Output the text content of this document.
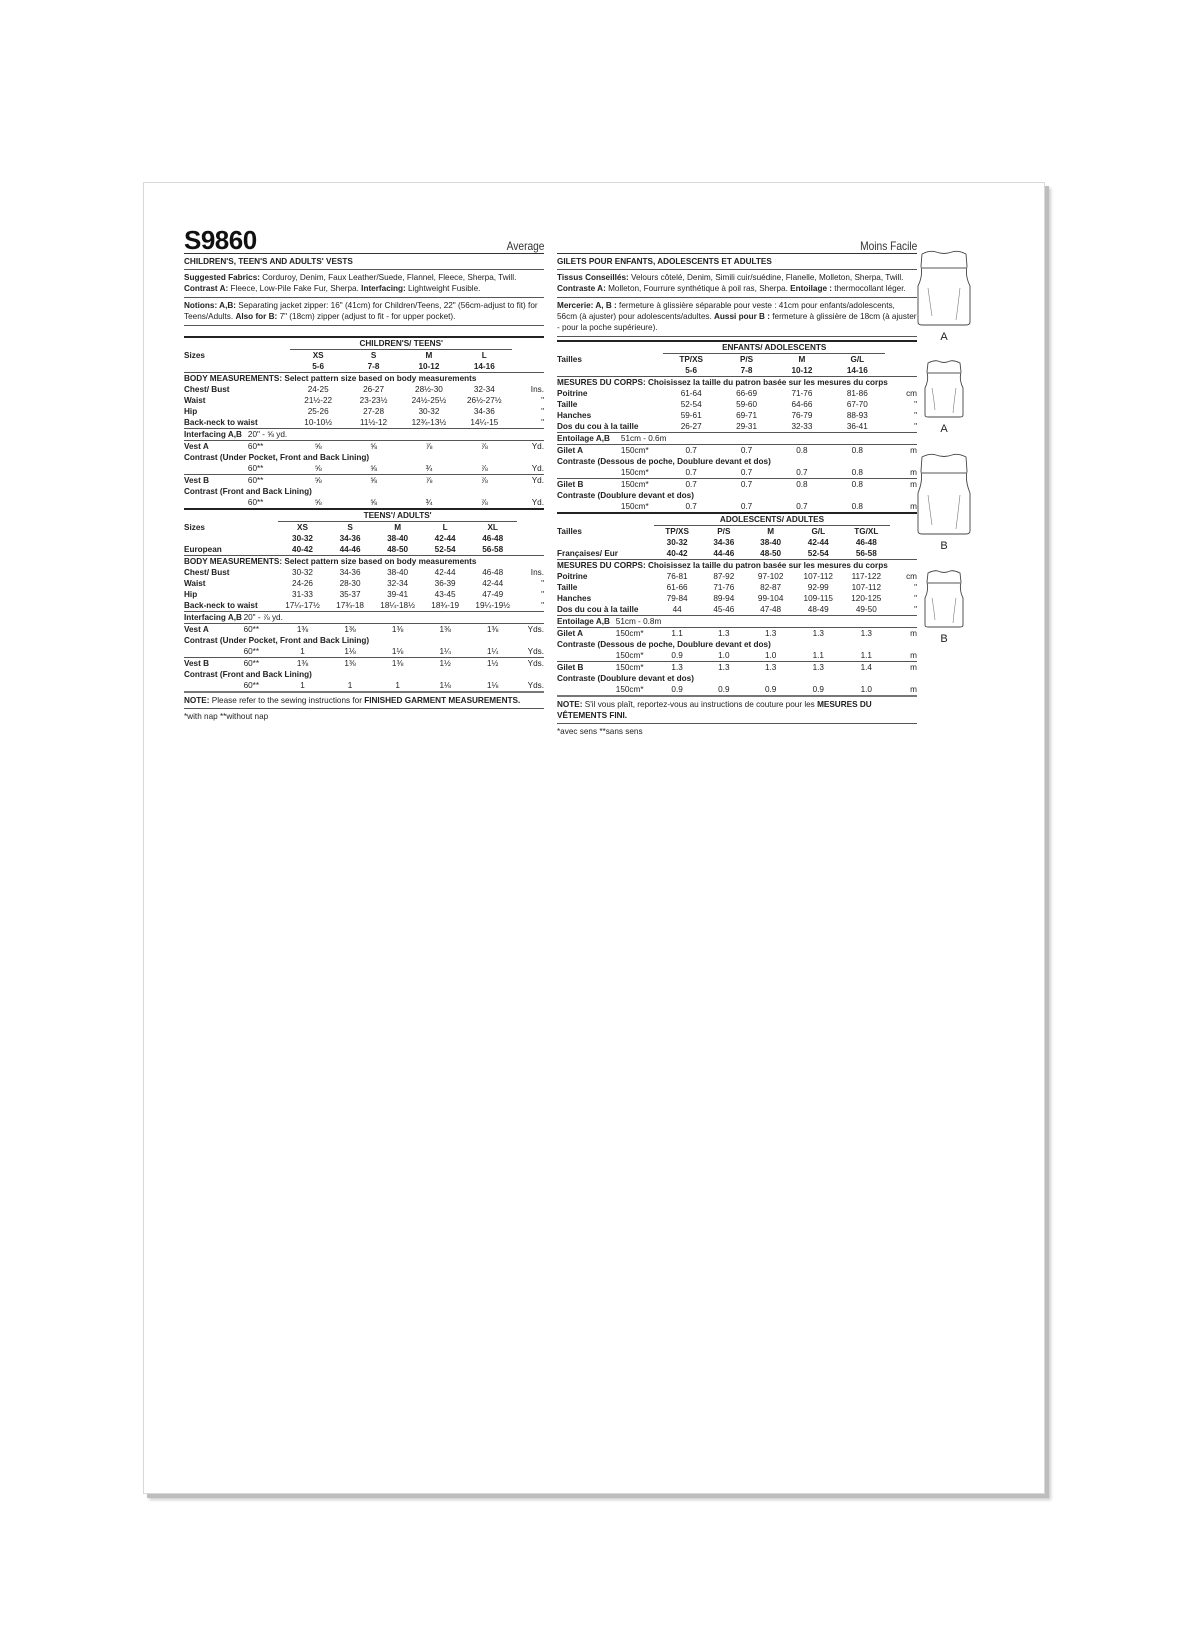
S9860	Average
CHILDREN'S, TEEN'S AND ADULTS' VESTS
Suggested Fabrics: Corduroy, Denim, Faux Leather/Suede, Flannel, Fleece, Sherpa, Twill. Contrast A: Fleece, Low-Pile Fake Fur, Sherpa. Interfacing: Lightweight Fusible.
Notions: A,B: Separating jacket zipper: 16" (41cm) for Children/Teens, 22" (56cm-adjust to fit) for Teens/Adults. Also for B: 7" (18cm) zipper (adjust to fit - for upper pocket).
		CHILDREN'S/ TEENS'				
Sizes		XS	S	M	L	
		5-6	7-8	10-12	14-16	
BODY MEASUREMENTS: Select pattern size based on body measurements						
Chest/ Bust		24-25	26-27	28½-30	32-34	Ins.
Waist		21½-22	23-23½	24½-25½	26½-27½	"
Hip		25-26	27-28	30-32	34-36	"
Back-neck to waist		10-10½	11½-12	12¾-13½	14¼-15	"
Interfacing A,B	20" - ⅝ yd.					
Vest A	60**	⅝	⅝	⅞	⅞	Yd.
Contrast (Under Pocket, Front and Back Lining)						
	60**	⅝	⅝	¾	⅞	Yd.
Vest B	60**	⅝	⅝	⅞	⅞	Yd.
Contrast (Front and Back Lining)						
	60**	⅝	⅝	¾	⅞	Yd.
		TEENS'/ ADULTS'					
Sizes		XS	S	M	L	XL	
		30-32	34-36	38-40	42-44	46-48	
European		40-42	44-46	48-50	52-54	56-58	
BODY MEASUREMENTS: Select pattern size based on body measurements							
Chest/ Bust		30-32	34-36	38-40	42-44	46-48	Ins.
Waist		24-26	28-30	32-34	36-39	42-44	"
Hip		31-33	35-37	39-41	43-45	47-49	"
Back-neck to waist		17¼-17½	17¾-18	18¼-18½	18¾-19	19¼-19½	"
Interfacing A,B	20" - ⅞ yd.						
Vest A	60**	1⅜	1⅜	1⅜	1⅜	1⅜	Yds.
Contrast (Under Pocket, Front and Back Lining)							
	60**	1	1⅛	1⅛	1¼	1¼	Yds.
Vest B	60**	1⅜	1⅜	1⅜	1½	1½	Yds.
Contrast (Front and Back Lining)							
	60**	1	1	1	1⅛	1⅛	Yds.
NOTE: Please refer to the sewing instructions for FINISHED GARMENT MEASUREMENTS.
*with nap **without nap
Moins Facile
GILETS POUR ENFANTS, ADOLESCENTS ET ADULTES
Tissus Conseillés: Velours côtelé, Denim, Simili cuir/suédine, Flanelle, Molleton, Sherpa, Twill. Contraste A: Molleton, Fourrure synthétique à poil ras, Sherpa. Entoilage : thermocollant léger.
Mercerie: A, B : fermeture à glissière séparable pour veste : 41cm pour enfants/adolescents, 56cm (à ajuster) pour adolescents/adultes. Aussi pour B : fermeture à glissière de 18cm (à ajuster - pour la poche supérieure).
		ENFANTS/ ADOLESCENTS				
Tailles		TP/XS	P/S	M	G/L	
		5-6	7-8	10-12	14-16	
MESURES DU CORPS: Choisissez la taille du patron basée sur les mesures du corps						
Poitrine		61-64	66-69	71-76	81-86	cm
Taille		52-54	59-60	64-66	67-70	"
Hanches		59-61	69-71	76-79	88-93	"
Dos du cou à la taille		26-27	29-31	32-33	36-41	"
Entoilage A,B	51cm - 0.6m					
Gilet A	150cm*	0.7	0.7	0.8	0.8	m
Contraste (Dessous de poche, Doublure devant et dos)						
	150cm*	0.7	0.7	0.7	0.8	m
Gilet B	150cm*	0.7	0.7	0.8	0.8	m
Contraste (Doublure devant et dos)						
	150cm*	0.7	0.7	0.7	0.8	m
		ADOLESCENTS/ ADULTES					
Tailles		TP/XS	P/S	M	G/L	TG/XL	
		30-32	34-36	38-40	42-44	46-48	
Françaises/ Eur		40-42	44-46	48-50	52-54	56-58	
MESURES DU CORPS: Choisissez la taille du patron basée sur les mesures du corps							
Poitrine		76-81	87-92	97-102	107-112	117-122	cm
Taille		61-66	71-76	82-87	92-99	107-112	"
Hanches		79-84	89-94	99-104	109-115	120-125	"
Dos du cou à la taille		44	45-46	47-48	48-49	49-50	"
Entoilage A,B	51cm - 0.8m						
Gilet A	150cm*	1.1	1.3	1.3	1.3	1.3	m
Contraste (Dessous de poche, Doublure devant et dos)							
	150cm*	0.9	1.0	1.0	1.1	1.1	m
Gilet B	150cm*	1.3	1.3	1.3	1.3	1.4	m
Contraste (Doublure devant et dos)							
	150cm*	0.9	0.9	0.9	0.9	1.0	m
NOTE: S'il vous plaît, reportez-vous au instructions de couture pour les MESURES DU VÊTEMENTS FINI.
*avec sens **sans sens
A
A
B
B
